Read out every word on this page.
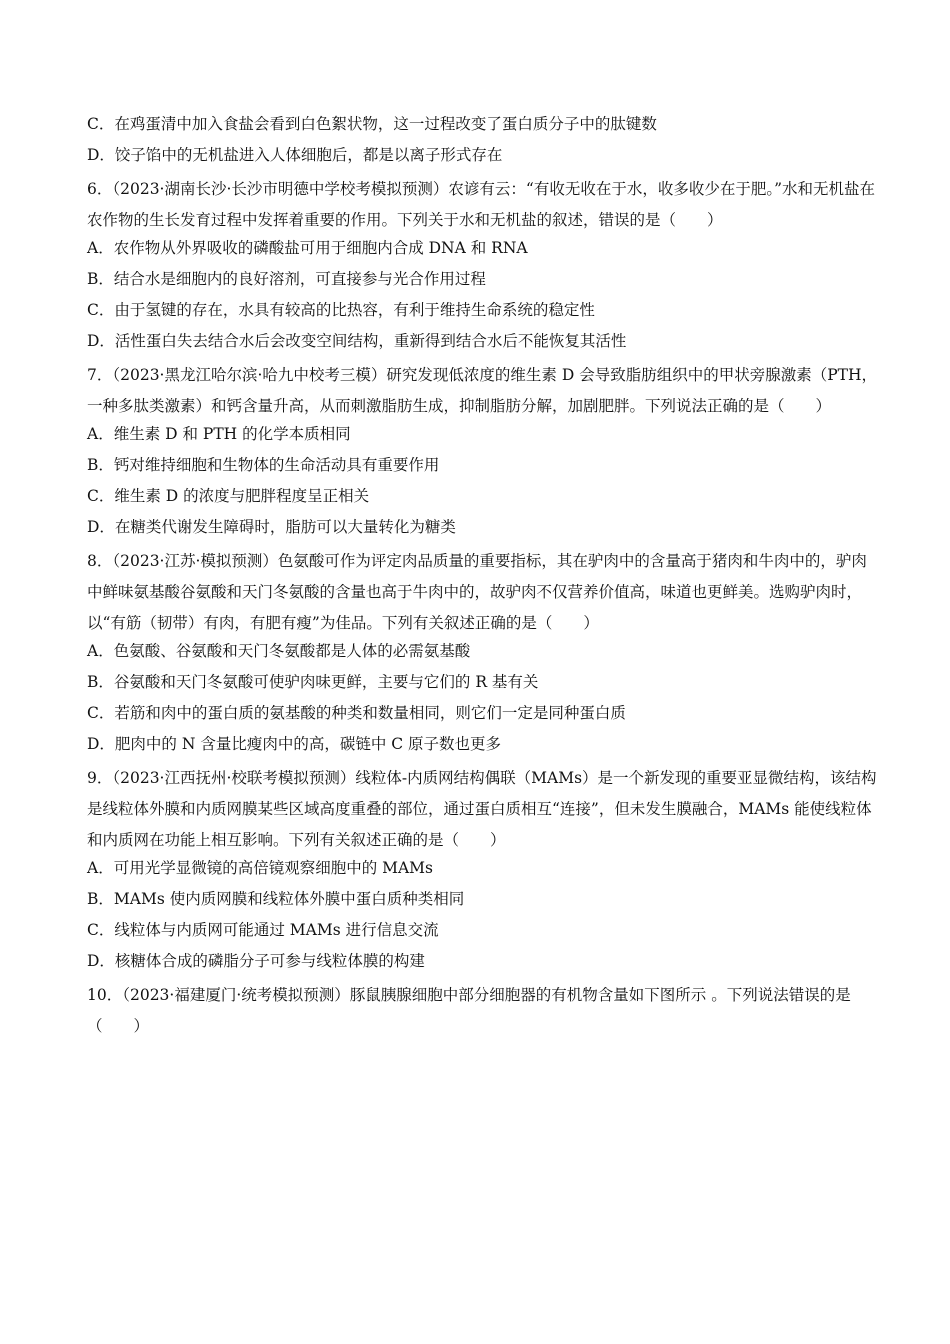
C．在鸡蛋清中加入食盐会看到白色絮状物，这一过程改变了蛋白质分子中的肽键数
D．饺子馅中的无机盐进入人体细胞后，都是以离子形式存在
6．（2023·湖南长沙·长沙市明德中学校考模拟预测）农谚有云：“有收无收在于水，收多收少在于肥。”水和无机盐在农作物的生长发育过程中发挥着重要的作用。下列关于水和无机盐的叙述，错误的是（　　）
A．农作物从外界吸收的磷酸盐可用于细胞内合成 DNA 和 RNA
B．结合水是细胞内的良好溶剂，可直接参与光合作用过程
C．由于氢键的存在，水具有较高的比热容，有利于维持生命系统的稳定性
D．活性蛋白失去结合水后会改变空间结构，重新得到结合水后不能恢复其活性
7．（2023·黑龙江哈尔滨·哈九中校考三模）研究发现低浓度的维生素 D 会导致脂肪组织中的甲状旁腺激素（PTH，一种多肽类激素）和钙含量升高，从而刺激脂肪生成，抑制脂肪分解，加剧肥胖。下列说法正确的是（　　）
A．维生素 D 和 PTH 的化学本质相同
B．钙对维持细胞和生物体的生命活动具有重要作用
C．维生素 D 的浓度与肥胖程度呈正相关
D．在糖类代谢发生障碍时，脂肪可以大量转化为糖类
8．（2023·江苏·模拟预测）色氨酸可作为评定肉品质量的重要指标，其在驴肉中的含量高于猪肉和牛肉中的，驴肉中鲜味氨基酸谷氨酸和天门冬氨酸的含量也高于牛肉中的，故驴肉不仅营养价值高，味道也更鲜美。选购驴肉时，以“有筋（韧带）有肉，有肥有瘦”为佳品。下列有关叙述正确的是（　　）
A．色氨酸、谷氨酸和天门冬氨酸都是人体的必需氨基酸
B．谷氨酸和天门冬氨酸可使驴肉味更鲜，主要与它们的 R 基有关
C．若筋和肉中的蛋白质的氨基酸的种类和数量相同，则它们一定是同种蛋白质
D．肥肉中的 N 含量比瘦肉中的高，碳链中 C 原子数也更多
9．（2023·江西抚州·校联考模拟预测）线粒体-内质网结构偶联（MAMs）是一个新发现的重要亚显微结构，该结构是线粒体外膜和内质网膜某些区域高度重叠的部位，通过蛋白质相互“连接”，但未发生膜融合，MAMs 能使线粒体和内质网在功能上相互影响。下列有关叙述正确的是（　　）
A．可用光学显微镜的高倍镜观察细胞中的 MAMs
B．MAMs 使内质网膜和线粒体外膜中蛋白质种类相同
C．线粒体与内质网可能通过 MAMs 进行信息交流
D．核糖体合成的磷脂分子可参与线粒体膜的构建
10．（2023·福建厦门·统考模拟预测）豚鼠胰腺细胞中部分细胞器的有机物含量如下图所示 。下列说法错误的是（　　）
